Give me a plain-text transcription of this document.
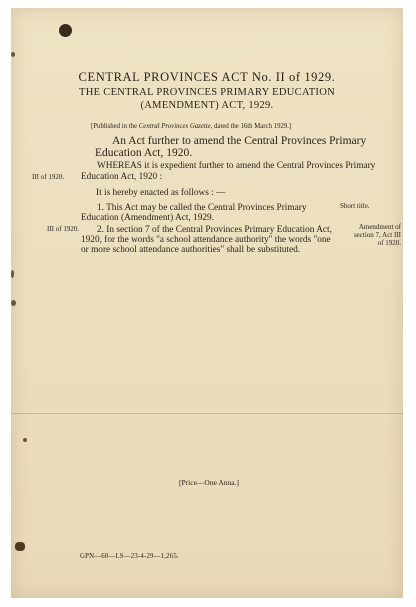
CENTRAL PROVINCES ACT No. II of 1929.
THE CENTRAL PROVINCES PRIMARY EDUCATION
(AMENDMENT) ACT, 1929.
[Published in the Central Provinces Gazette, dated the 16th March 1929.]
An Act further to amend the Central Provinces Primary Education Act, 1920.
WHEREAS it is expedient further to amend the Central Provinces Primary Education Act, 1920 :
It is hereby enacted as follows : —
1. This Act may be called the Central Provinces Primary Education (Amendment) Act, 1929.
2. In section 7 of the Central Provinces Primary Education Act, 1920, for the words "a school attendance authority" the words "one or more school attendance authorities" shall be substituted.
III of 1920.
III of 1920.
Short title.
Amendment of
section 7, Act III
of 1920.
[Price—One Anna.]
GPN—60—LS—23-4-29—1,265.
